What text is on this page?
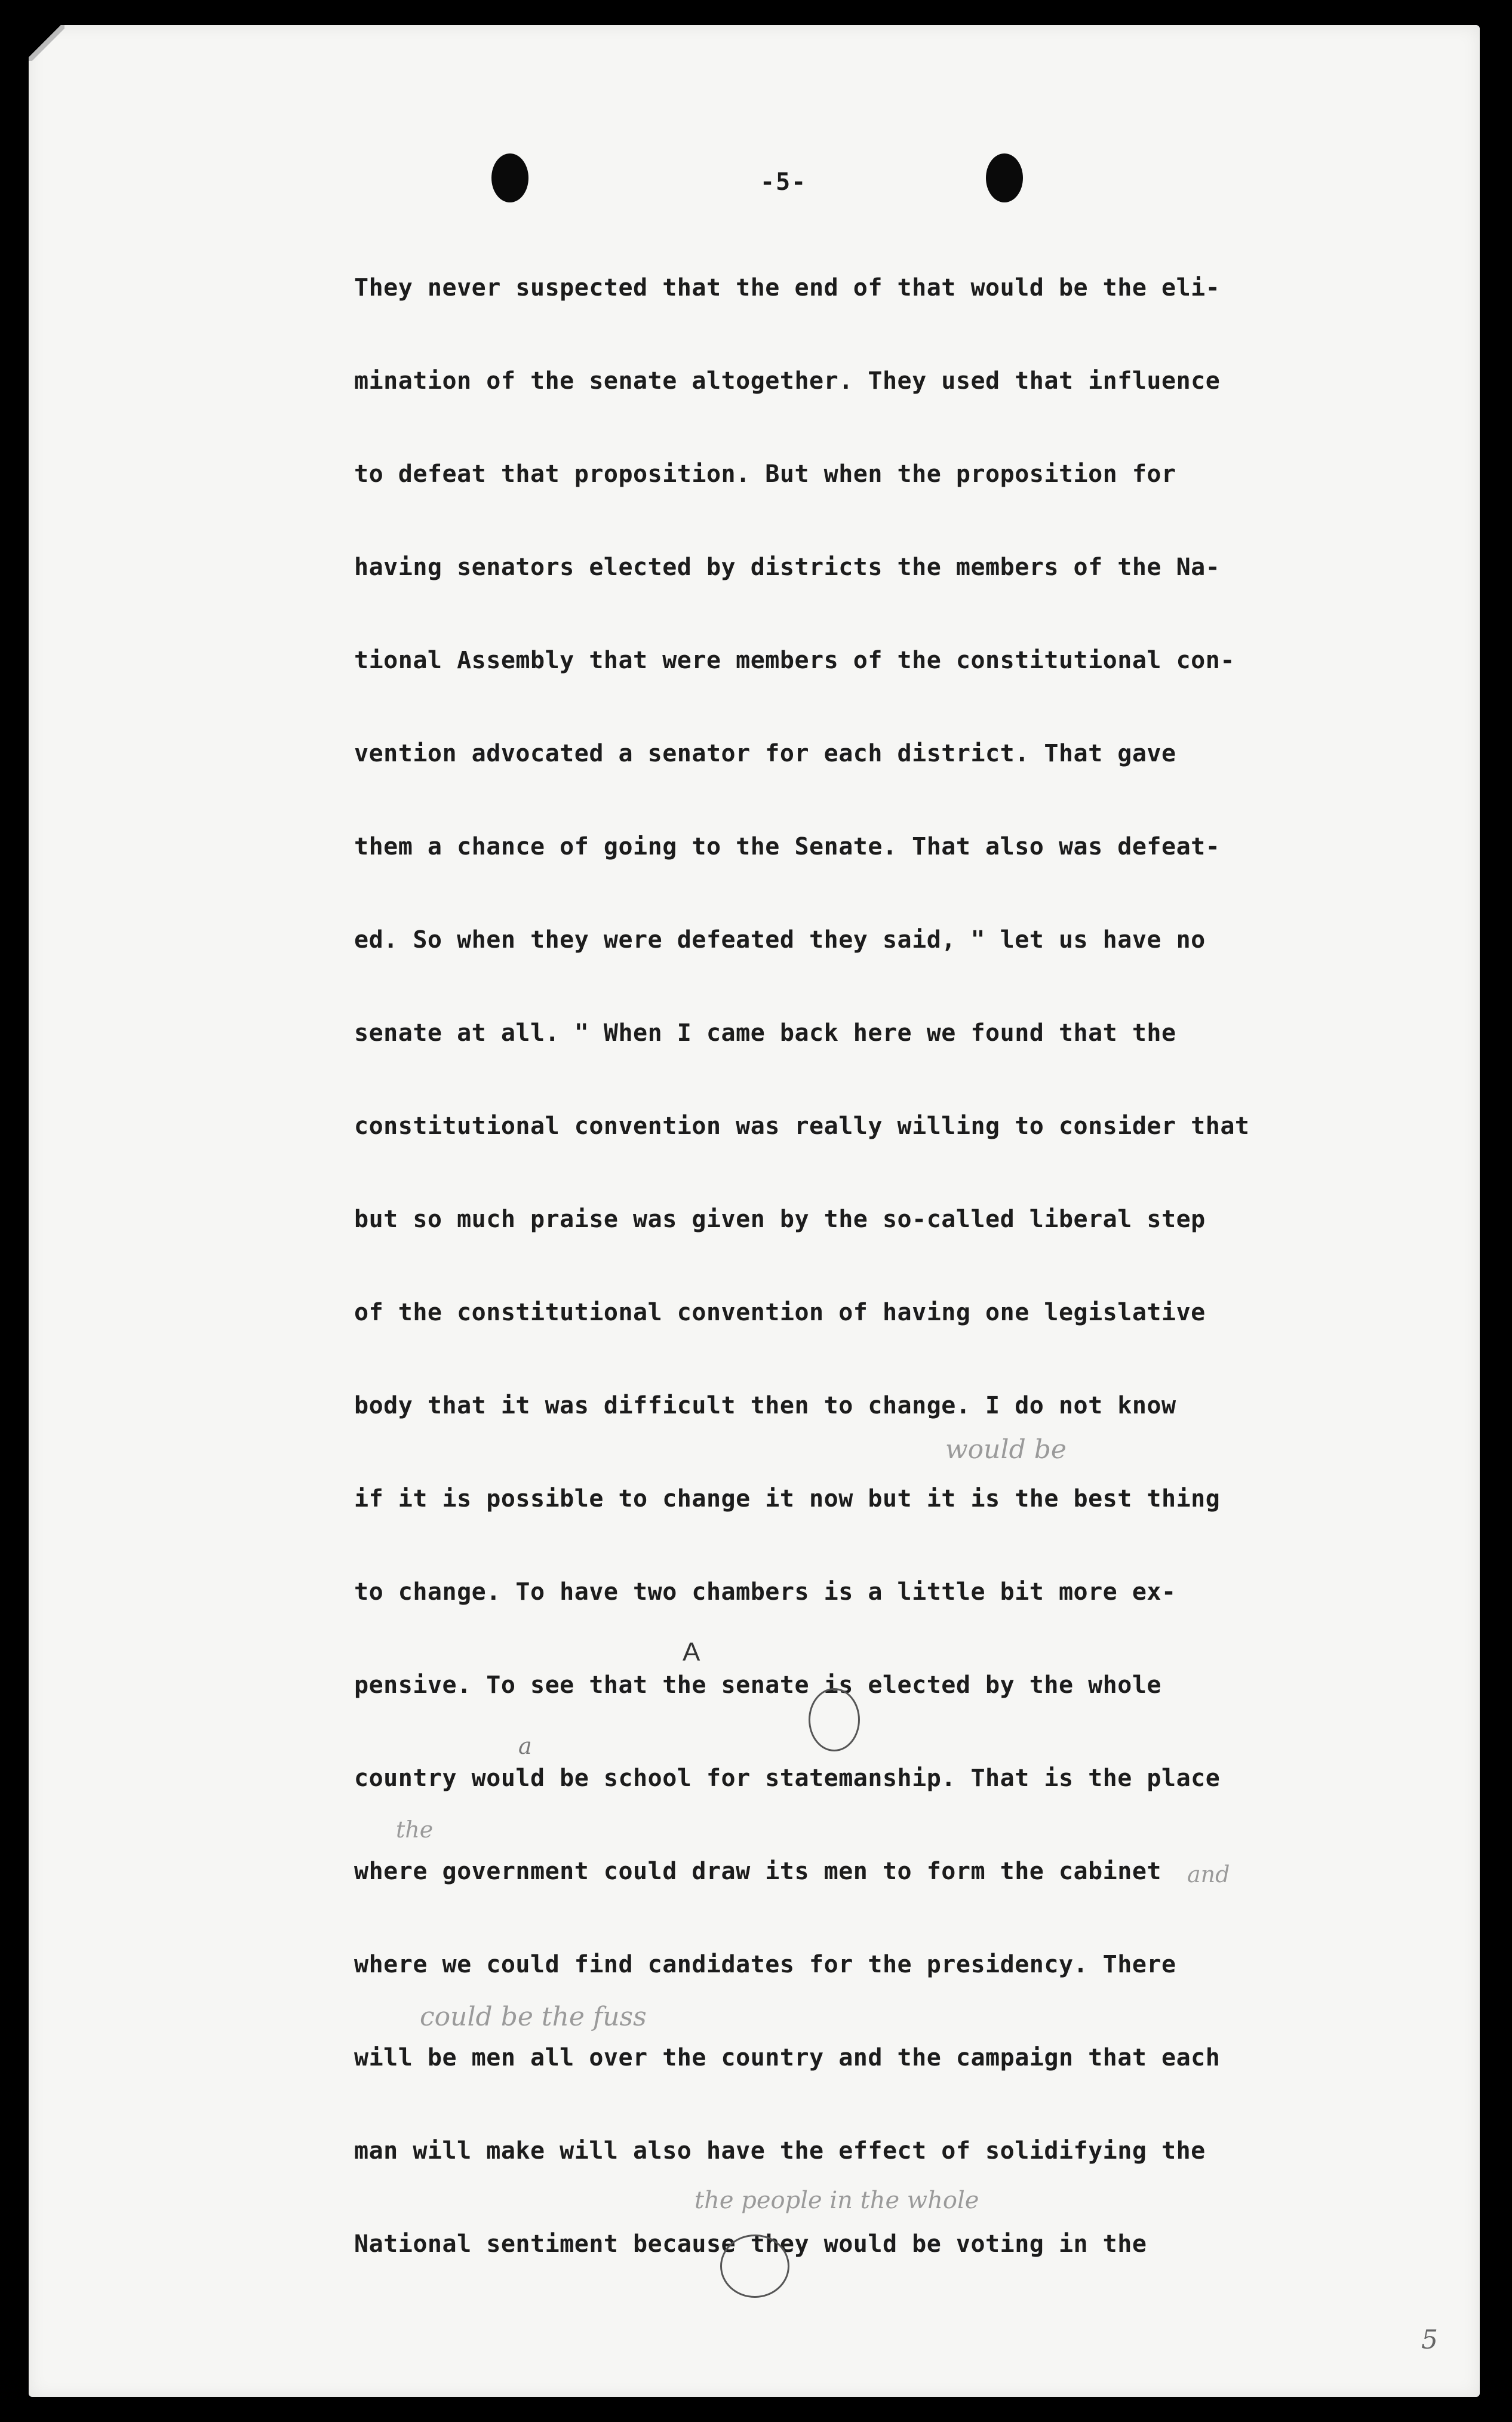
-5-
They never suspected that the end of that would be the eli-
mination of the senate altogether. They used that influence
to defeat that proposition. But when the proposition for
having senators elected by districts the members of the Na-
tional Assembly that were members of the constitutional con-
vention advocated a senator for each district. That gave
them a chance of going to the Senate. That also was defeat-
ed. So when they were defeated they said, " let us have no
senate at all. " When I came back here we found that the
constitutional convention was really willing to consider that
but so much praise was given by the so-called liberal step
of the constitutional convention of having one legislative
body that it was difficult then to change. I do not know
if it is possible to change it now but it is the best thing
to change. To have two chambers is a little bit more ex-
pensive. To see that the senate is elected by the whole
country would be school for statemanship. That is the place
where government could draw its men to form the cabinet
where we could find candidates for the presidency. There
will be men all over the country and the campaign that each
man will make will also have the effect of solidifying the
National sentiment because they would be voting in the
would be
A
a
the
and
could be the fuss
the people in the whole
5
